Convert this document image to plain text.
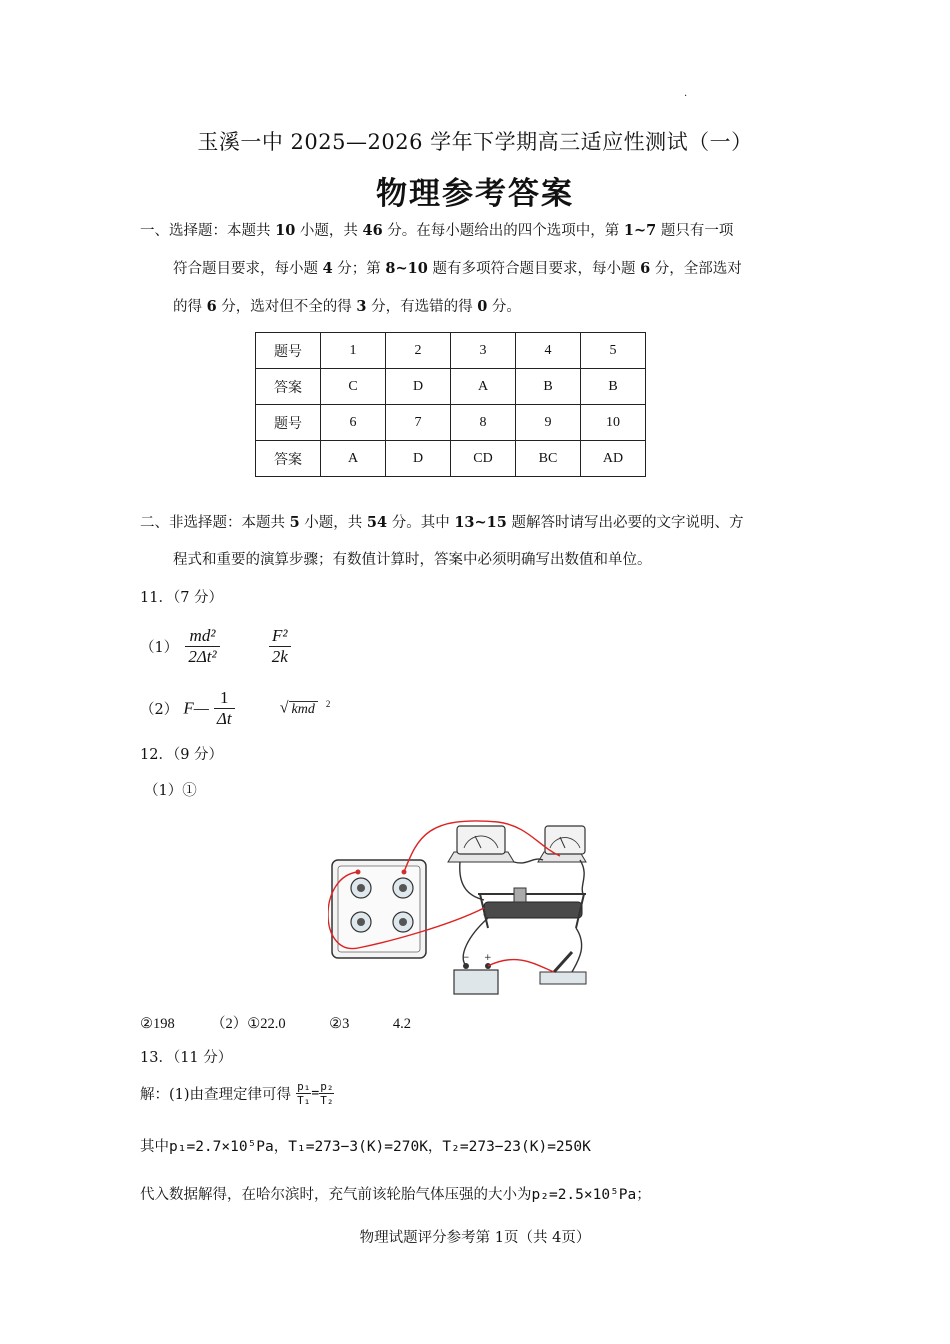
.
玉溪一中 2025—2026 学年下学期高三适应性测试（一）
物理参考答案
一、选择题：本题共 10 小题，共 46 分。在每小题给出的四个选项中，第 1~7 题只有一项
符合题目要求，每小题 4 分；第 8~10 题有多项符合题目要求，每小题 6 分，全部选对
的得 6 分，选对但不全的得 3 分，有选错的得 0 分。
题号	1	2	3	4	5
答案	C	D	A	B	B
题号	6	7	8	9	10
答案	A	D	CD	BC	AD
二、非选择题：本题共 5 小题，共 54 分。其中 13~15 题解答时请写出必要的文字说明、方
程式和重要的演算步骤；有数值计算时，答案中必须明确写出数值和单位。
11．（7 分）
$(1) \frac{\text{md²}}{\text{2Δt²}}$
	$\frac{\text{F²}}{2k}$
（2） F— $\frac{1}{\Delta t}$	√ kmd $^2$
12．（9 分）
（1）①
− +
②198　　　（2）①22.0　　　②3　　　4.2
13．（11 分）
解：(1)由查理定律可得 $\frac{\text{p₁}}{\text{T₁}} = \frac{\text{p₂}}{\text{T₂}}$
其中p₁=2.7×10⁵Pa，T₁=273−3(K)=270K，T₂=273−23(K)=250K
代入数据解得，在哈尔滨时，充气前该轮胎气体压强的大小为p₂=2.5×10⁵Pa；
物理试题评分参考第 1页（共 4页）
